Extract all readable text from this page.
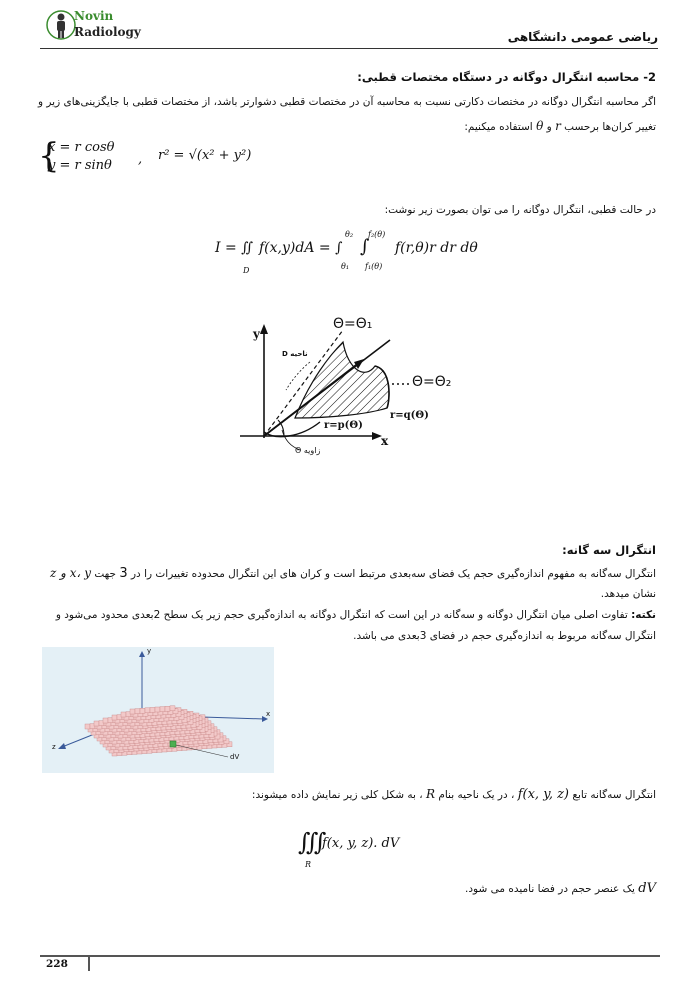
Novin
Radiology	ریاضی عمومی دانشگاهی
2- محاسبه انتگرال دوگانه در دستگاه مختصات قطبی:
اگر محاسبه انتگرال دوگانه در مختصات دکارتی نسبت به محاسبه آن در مختصات قطبی دشوارتر باشد، از مختصات قطبی با جایگزینی‌های زیر و
تغییر کران‌ها برحسب r و θ استفاده میکنیم:
{
x = r cosθ
y = r sinθ , r² = √(x² + y²)
در حالت قطبی، انتگرال دوگانه را می توان بصورت زیر نوشت:
I = ∬
D
f(x,y)dA = ∫
θ₂
θ₁
∫
f₂(θ)
f₁(θ)
f(r,θ)r dr dθ
Θ=Θ₁
Θ=Θ₂
y
x
ناحیه D
r=q(Θ)
r=p(Θ)
زاویه Θ
انتگرال سه گانه:
انتگرال سه‌گانه به مفهوم اندازه‌گیری حجم یک فضای سه‌بعدی مرتبط است و کران های این انتگرال محدوده تغییرات را در 3 جهت x، y و z
نشان میدهد.
نکته: تفاوت اصلی میان انتگرال دوگانه و سه‌گانه در این است که انتگرال دوگانه به اندازه‌گیری حجم زیر یک سطح 2بعدی محدود می‌شود و
انتگرال سه‌گانه مربوط به اندازه‌گیری حجم در فضای 3بعدی می باشد.
y
x
z
dV
انتگرال سه‌گانه تابع f(x, y, z) ، در یک ناحیه بنام R ، به شکل کلی زیر نمایش داده میشوند:
∭
R
f(x, y, z). dV
dV یک عنصر حجم در فضا نامیده می شود.
228
